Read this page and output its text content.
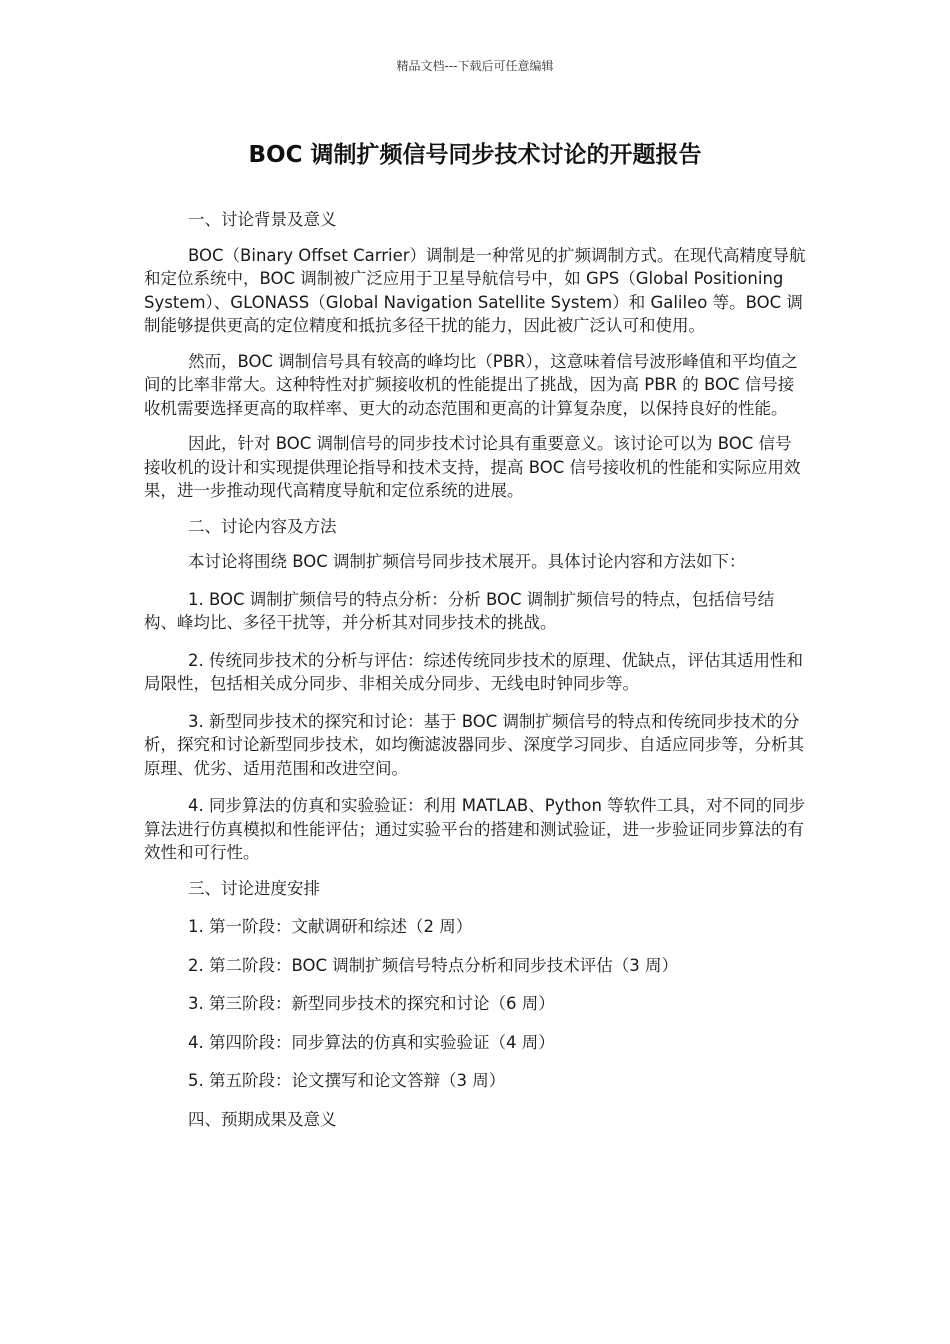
精品文档---下载后可任意编辑
BOC 调制扩频信号同步技术讨论的开题报告

一、讨论背景及意义

BOC（Binary Offset Carrier）调制是一种常见的扩频调制方式。在现代高精度导航和定位系统中，BOC 调制被广泛应用于卫星导航信号中，如 GPS（Global Positioning System）、GLONASS（Global Navigation Satellite System）和 Galileo 等。BOC 调制能够提供更高的定位精度和抵抗多径干扰的能力，因此被广泛认可和使用。

然而，BOC 调制信号具有较高的峰均比（PBR），这意味着信号波形峰值和平均值之间的比率非常大。这种特性对扩频接收机的性能提出了挑战，因为高 PBR 的 BOC 信号接收机需要选择更高的取样率、更大的动态范围和更高的计算复杂度，以保持良好的性能。

因此，针对 BOC 调制信号的同步技术讨论具有重要意义。该讨论可以为 BOC 信号接收机的设计和实现提供理论指导和技术支持，提高 BOC 信号接收机的性能和实际应用效果，进一步推动现代高精度导航和定位系统的进展。

二、讨论内容及方法

本讨论将围绕 BOC 调制扩频信号同步技术展开。具体讨论内容和方法如下：

1. BOC 调制扩频信号的特点分析：分析 BOC 调制扩频信号的特点，包括信号结构、峰均比、多径干扰等，并分析其对同步技术的挑战。

2. 传统同步技术的分析与评估：综述传统同步技术的原理、优缺点，评估其适用性和局限性，包括相关成分同步、非相关成分同步、无线电时钟同步等。

3. 新型同步技术的探究和讨论：基于 BOC 调制扩频信号的特点和传统同步技术的分析，探究和讨论新型同步技术，如均衡滤波器同步、深度学习同步、自适应同步等，分析其原理、优劣、适用范围和改进空间。

4. 同步算法的仿真和实验验证：利用 MATLAB、Python 等软件工具，对不同的同步算法进行仿真模拟和性能评估；通过实验平台的搭建和测试验证，进一步验证同步算法的有效性和可行性。

三、讨论进度安排

1. 第一阶段：文献调研和综述（2 周）

2. 第二阶段：BOC 调制扩频信号特点分析和同步技术评估（3 周）

3. 第三阶段：新型同步技术的探究和讨论（6 周）

4. 第四阶段：同步算法的仿真和实验验证（4 周）

5. 第五阶段：论文撰写和论文答辩（3 周）

四、预期成果及意义
